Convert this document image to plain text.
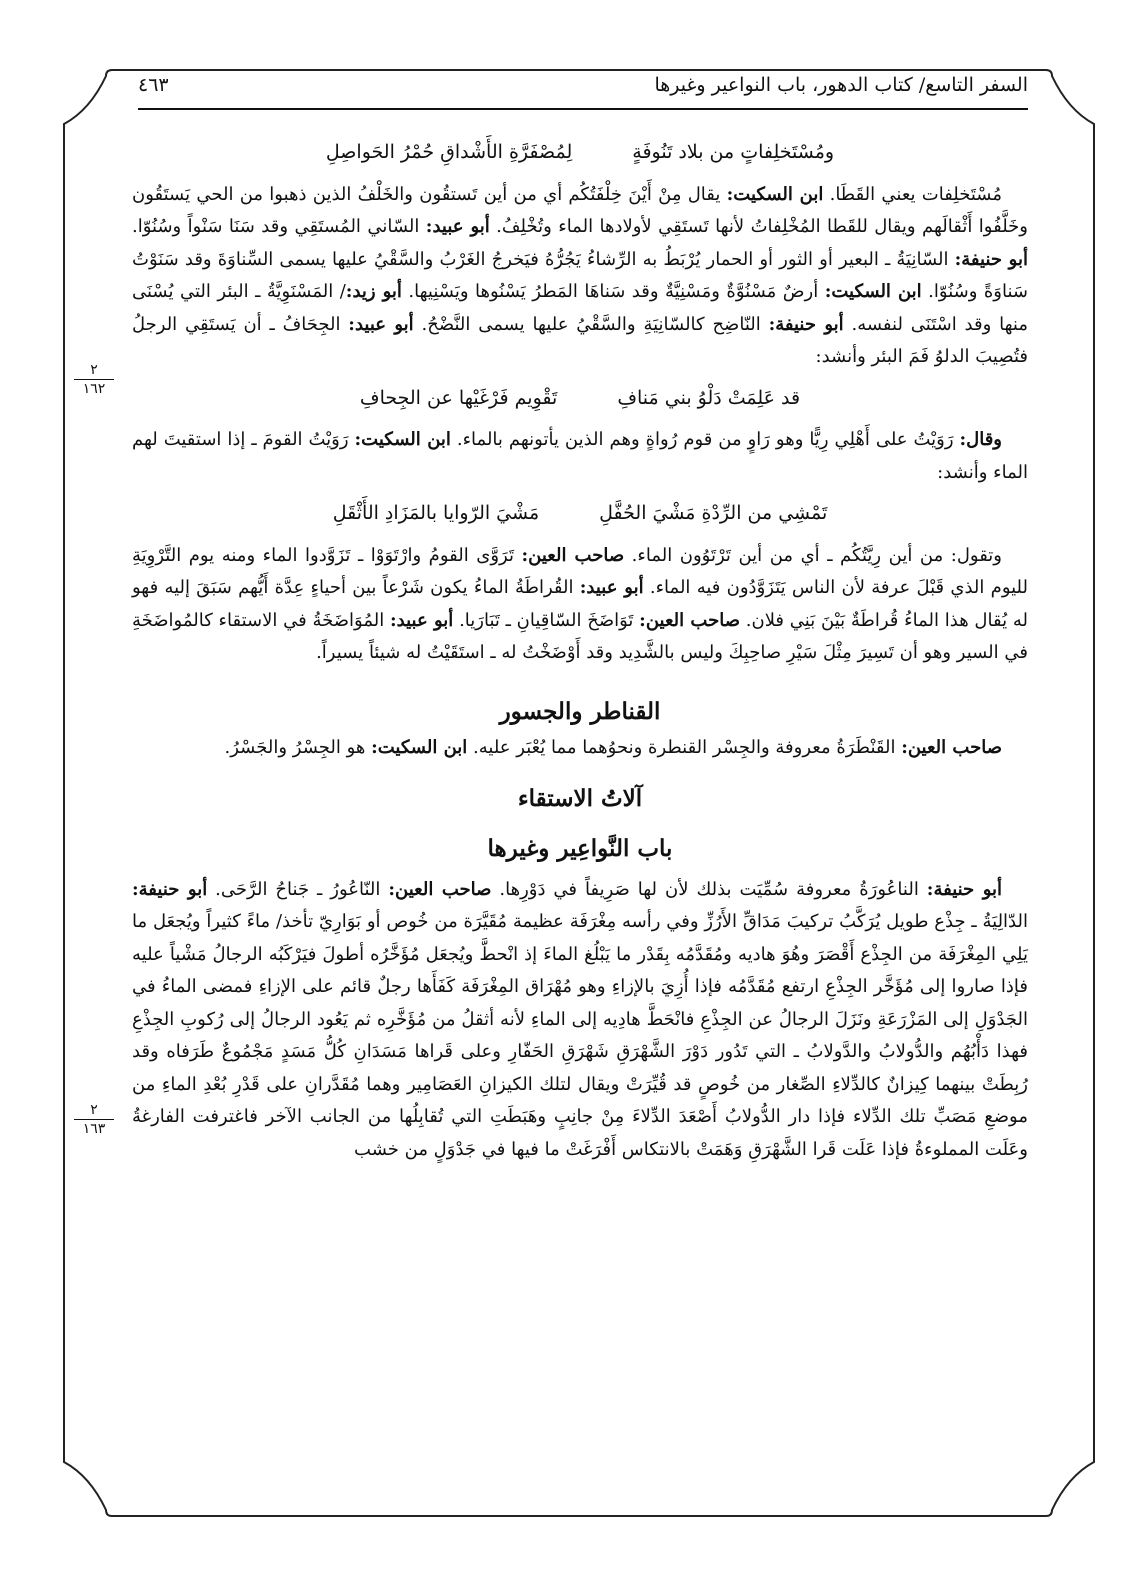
السفر التاسع/ كتاب الدهور، باب النواعير وغيرها
٤٦٣
٢
١٦٢
٢
١٦٣
ومُسْتَخلِفاتٍ من بلاد تَنُوفَةٍ
لِمُصْفَرَّةِ الأَشْداقِ حُمْرُ الحَواصِلِ

مُسْتَخلِفات يعني القَطَا. ابن السكيت: يقال مِنْ أَيْنَ خِلْفَتُكُم أي من أين تَستقُون والخَلْفُ الذين ذهبوا من الحي يَستَقُون وخَلَّفُوا أَثْقالَهم ويقال للقَطا المُخْلِفاتُ لأنها تَستَقِي لأولادها الماء وتُخْلِفُ. أبو عبيد: السّاني المُستَقِي وقد سَنَا سَنْواً وسُنُوّا. أبو حنيفة: السّانِيَةُ ـ البعير أو الثور أو الحمار يُرْبَطُ به الرِّشاءُ يَجُرُّهُ فيَخرجُ الغَرْبُ والسَّقْيُ عليها يسمى السِّناوَةَ وقد سَنَوْتُ سَناوَةً وسُنُوّا. ابن السكيت: أرضٌ مَسْنُوَّةٌ ومَسْنِيَّةٌ وقد سَناهَا المَطرُ يَسْنُوها ويَسْنِيها. أبو زيد:/ المَسْنَوِيَّةُ ـ البئر التي يُسْنَى منها وقد اسْتَنَى لنفسه. أبو حنيفة: النّاضِح كالسّانِيَةِ والسَّقْيُ عليها يسمى النَّضْحُ. أبو عبيد: الجِحَافُ ـ أن يَستَقِي الرجلُ فتُصِيبَ الدلوُ فَمَ البئر وأنشد:

قد عَلِمَتْ دَلْوُ بني مَنافِ
تَقْوِيم فَرْغَيْها عن الجِحافِ

وقال: رَوَيْتُ على أَهْلِي رِيًّا وهو رَاوٍ من قوم رُواةٍ وهم الذين يأتونهم بالماء. ابن السكيت: رَوَيْتُ القومَ ـ إذا استقيتَ لهم الماء وأنشد:

تَمْشِي من الرِّدْةِ مَشْيَ الحُفَّلِ
مَشْيَ الرّوايا بالمَزَادِ الأَثْقَلِ

وتقول: من أين رِيَّتُكُم ـ أي من أين تَرْتَوُون الماء. صاحب العين: تَرَوَّى القومُ وارْتَوَوْا ـ تَزَوَّدوا الماء ومنه يوم التَّرْوِيَةِ لليوم الذي قَبْلَ عرفة لأن الناس يَتَزَوَّدُون فيه الماء. أبو عبيد: القُراطَةُ الماءُ يكون شَرْعاً بين أحياءٍ عِدَّة أَيُّهم سَبَقَ إليه فهو له يُقال هذا الماءُ قُراطَةٌ بَيْنَ بَنِي فلان. صاحب العين: تَوَاضَخَ السّاقِيانِ ـ تَبَارَيا. أبو عبيد: المُوَاضَخَةُ في الاستقاء كالمُواضَخَةِ في السير وهو أن تَسِيرَ مِثْلَ سَيْرِ صاحِبِكَ وليس بالشَّدِيد وقد أَوْضَخْتُ له ـ استَقَيْتُ له شيئاً يسيراً.

القناطر والجسور

صاحب العين: القَنْطَرَةُ معروفة والجِسْر القنطرة ونحوُهما مما يُعْبَر عليه. ابن السكيت: هو الجِسْرُ والجَسْرُ.

آلاتُ الاستقاء
باب النَّواعِير وغيرها

أبو حنيفة: الناعُورَةُ معروفة سُمِّيَت بذلك لأن لها صَرِيفاً في دَوْرِها. صاحب العين: النّاعُورُ ـ جَناحُ الرَّحَى. أبو حنيفة: الدّالِيَةُ ـ جِذْع طويل يُرَكَّبُ تركيبَ مَدَاقِّ الأَرُزِّ وفي رأسه مِغْرَفَة عظيمة مُقَيَّرَة من خُوص أو بَوَارِيّ تأخذ/ ماءً كثيراً ويُجعَل ما يَلِي المِغْرَفَة من الجِذْع أَقْصَرَ وهُوَ هاديه ومُقَدَّمُه بِقَدْر ما يَبْلُغ الماءَ إذ انْحطَّ ويُجعَل مُؤَخَّرُه أطولَ فيَرْكَبُه الرجالُ مَشْياً عليه فإذا صاروا إلى مُؤَخَّر الجِذْعِ ارتفع مُقَدَّمُه فإذا أُزِيَ بالإزاءِ وهو مُهْرَاق المِغْرَفَة كَفَأَها رجلٌ قائم على الإزاءِ فمضى الماءُ في الجَدْوَلِ إلى المَزْرَعَةِ ونَزَلَ الرجالُ عن الجِذْعِ فانْحَطَّ هادِيه إلى الماءِ لأنه أثقلُ من مُؤَخَّرِه ثم يَعُود الرجالُ إلى رُكوبِ الجِذْعِ فهذا دَأْبُهُم والدُّولابُ والدَّولابُ ـ التي تَدُور دَوْرَ الشَّهْرَقِ شَهْرَقِ الحَفّارِ وعلى قَراها مَسَدَانِ كُلُّ مَسَدٍ مَجْمُوعٌ طَرَفاه وقد رُبِطَتْ بينهما كِيزانٌ كالدِّلاءِ الصِّغار من خُوصٍ قد قُيِّرَتْ ويقال لتلك الكيزانِ العَصَامِير وهما مُقَدَّرانِ على قَدْرِ بُعْدِ الماءِ من موضعِ مَصَبِّ تلك الدِّلاء فإذا دار الدُّولابُ أَصْعَدَ الدِّلاءَ مِنْ جانِبٍ وهَبَطَتِ التي تُقابِلُها من الجانب الآخر فاغترفت الفارغةُ وعَلَت المملوءةُ فإذا عَلَت قَرا الشَّهْرَقِ وَهَمَتْ بالانتكاس أَفْرَغَتْ ما فيها في جَدْوَلٍ من خشب
